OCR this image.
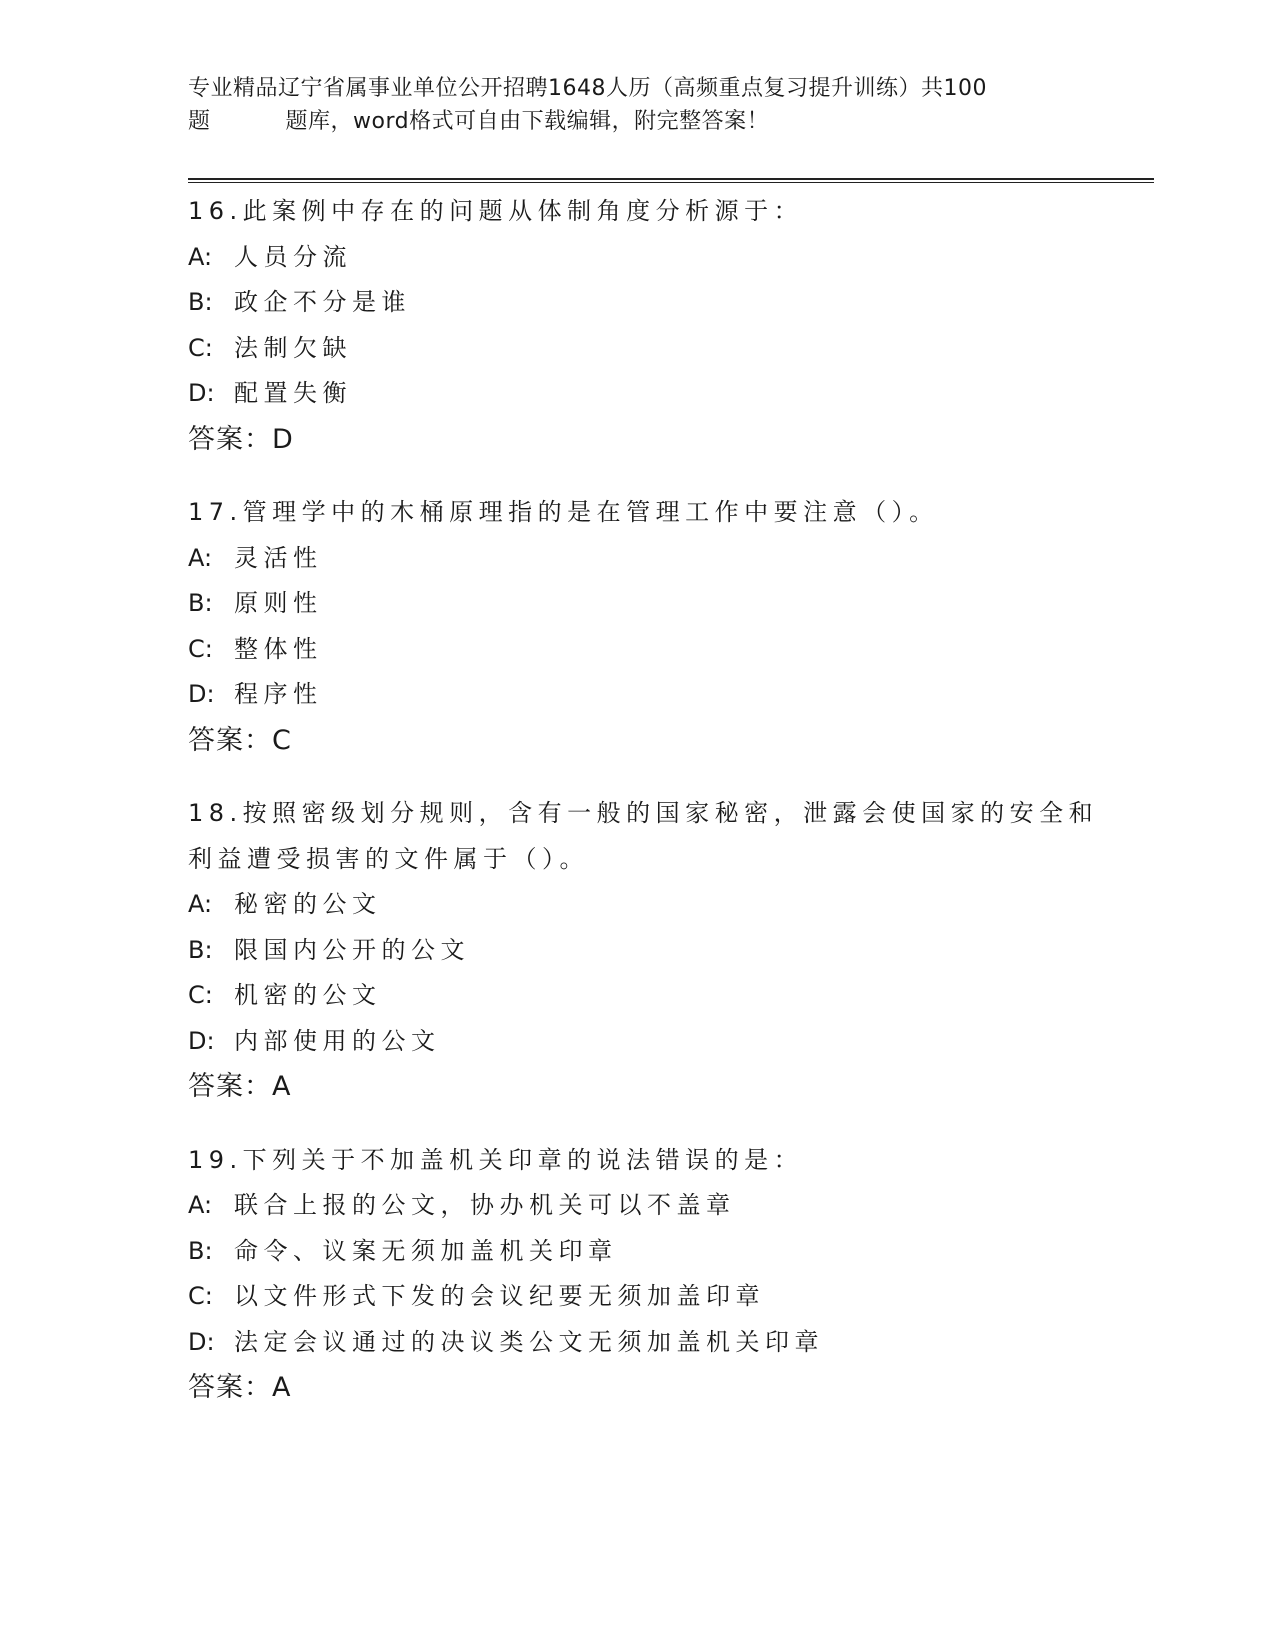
专业精品辽宁省属事业单位公开招聘1648人历（高频重点复习提升训练）共100
题	题库，word格式可自由下载编辑，附完整答案！
16.此案例中存在的问题从体制角度分析源于：
A: 人员分流
B: 政企不分是谁
C: 法制欠缺
D: 配置失衡
答案：D
17.管理学中的木桶原理指的是在管理工作中要注意（）。
A: 灵活性
B: 原则性
C: 整体性
D: 程序性
答案：C
18.按照密级划分规则，含有一般的国家秘密，泄露会使国家的安全和
利益遭受损害的文件属于（）。
A: 秘密的公文
B: 限国内公开的公文
C: 机密的公文
D: 内部使用的公文
答案：A
19.下列关于不加盖机关印章的说法错误的是：
A: 联合上报的公文，协办机关可以不盖章
B: 命令、议案无须加盖机关印章
C: 以文件形式下发的会议纪要无须加盖印章
D: 法定会议通过的决议类公文无须加盖机关印章
答案：A
